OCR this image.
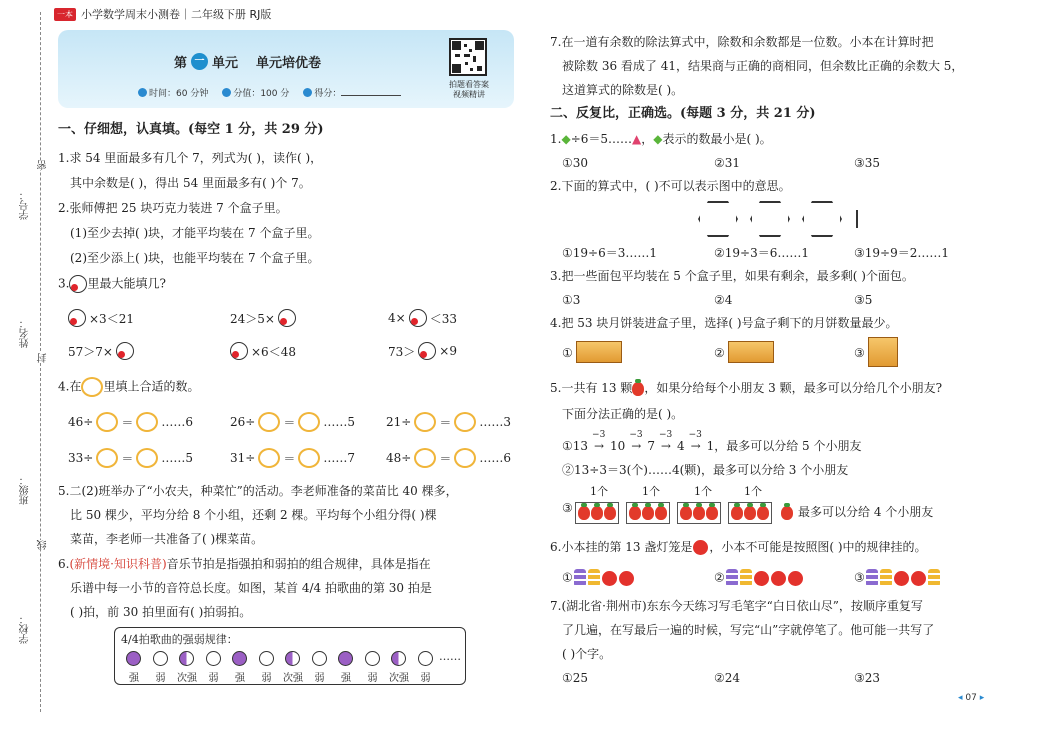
一本 小学数学周末小测卷｜二年级下册 RJ版
学号：
密
姓名：
封
班级：
线
学校：
第 一 单元 单元培优卷
时间：60 分钟	分值：100 分	得分：
拍题看答案
视频精讲
一、仔细想，认真填。(每空 1 分，共 29 分)
1.求 54 里面最多有几个 7，列式为( )，读作( )，
其中余数是( )，得出 54 里面最多有( )个 7。
2.张师傅把 25 块巧克力装进 7 个盒子里。
(1)至少去掉( )块，才能平均装在 7 个盒子里。
(2)至少添上( )块，也能平均装在 7 个盒子里。
3. 里最大能填几?
×3＜21	24＞5×	4× ＜33
57＞7×	×6＜48	73＞ ×9
4.在 里填上合适的数。
46÷ ＝ ……6	26÷ ＝ ……5	21÷ ＝ ……3
33÷ ＝ ……5	31÷ ＝ ……7	48÷ ＝ ……6
5.二(2)班举办了“小农夫，种菜忙”的活动。李老师准备的菜苗比 40 棵多，
比 50 棵少，平均分给 8 个小组，还剩 2 棵。平均每个小组分得( )棵
菜苗，李老师一共准备了( )棵菜苗。
6.(新情境·知识科普)音乐节拍是指强拍和弱拍的组合规律，具体是指在
乐谱中每一小节的音符总长度。如图，某首 4/4 拍歌曲的第 30 拍是
( )拍，前 30 拍里面有( )拍弱拍。
4/4拍歌曲的强弱规律：
强	弱	次强	弱	强	弱	次强	弱	强	弱	次强	弱
……
7.在一道有余数的除法算式中，除数和余数都是一位数。小本在计算时把
被除数 36 看成了 41，结果商与正确的商相同，但余数比正确的余数大 5，
这道算式的除数是( )。
二、反复比，正确选。(每题 3 分，共 21 分)
1.◆÷6＝5……▲，◆表示的数最小是( )。
①30	②31	③35
2.下面的算式中，( )不可以表示图中的意思。
①19÷6＝3……1	②19÷3＝6……1	③19÷9＝2……1
3.把一些面包平均装在 5 个盒子里，如果有剩余，最多剩( )个面包。
①3	②4	③5
4.把 53 块月饼装进盒子里，选择( )号盒子剩下的月饼数量最少。
①	②	③
5.一共有 13 颗 ，如果分给每个小朋友 3 颗，最多可以分给几个小朋友?
下面分法正确的是( )。
①13
−3
→ 10
−3
→ 7
−3
→ 4
−3
→ 1，最多可以分给 5 个小朋友
②13÷3＝3(个)……4(颗)，最多可以分给 3 个小朋友
③
1个	1个	1个	1个
最多可以分给 4 个小朋友
6.小本挂的第 13 盏灯笼是 ，小本不可能是按照图( )中的规律挂的。
①	②	③
7.(湖北省·荆州市)东东今天练习写毛笔字“白日依山尽”，按顺序重复写
了几遍，在写最后一遍的时候，写完“山”字就停笔了。他可能一共写了
( )个字。
①25	②24	③23
◂ 07 ▸
